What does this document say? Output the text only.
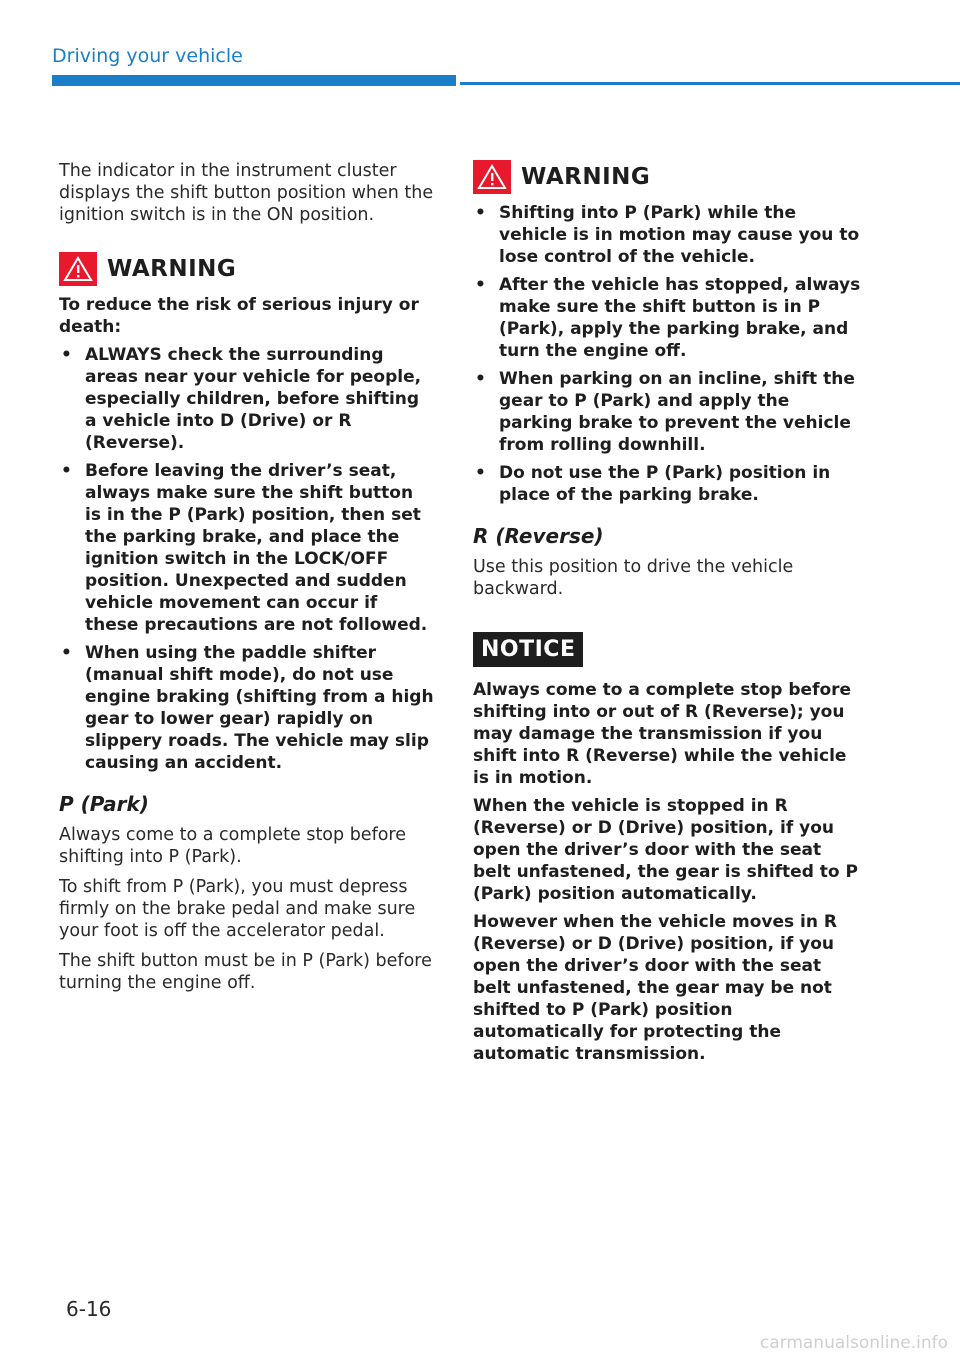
Driving your vehicle

The indicator in the instrument cluster displays the shift button position when the ignition switch is in the ON position.

WARNING

To reduce the risk of serious injury or death:

• ALWAYS check the surrounding areas near your vehicle for people, especially children, before shifting a vehicle into D (Drive) or R (Reverse).
• Before leaving the driver’s seat, always make sure the shift button is in the P (Park) position, then set the parking brake, and place the ignition switch in the LOCK/OFF position. Unexpected and sudden vehicle movement can occur if these precautions are not followed.
• When using the paddle shifter (manual shift mode), do not use engine braking (shifting from a high gear to lower gear) rapidly on slippery roads. The vehicle may slip causing an accident.
P (Park)

Always come to a complete stop before shifting into P (Park).

To shift from P (Park), you must depress firmly on the brake pedal and make sure your foot is off the accelerator pedal.

The shift button must be in P (Park) before turning the engine off.

WARNING
• Shifting into P (Park) while the vehicle is in motion may cause you to lose control of the vehicle.
• After the vehicle has stopped, always make sure the shift button is in P (Park), apply the parking brake, and turn the engine off.
• When parking on an incline, shift the gear to P (Park) and apply the parking brake to prevent the vehicle from rolling downhill.
• Do not use the P (Park) position in place of the parking brake.
R (Reverse)

Use this position to drive the vehicle backward.

NOTICE

Always come to a complete stop before shifting into or out of R (Reverse); you may damage the transmission if you shift into R (Reverse) while the vehicle is in motion.

When the vehicle is stopped in R (Reverse) or D (Drive) position, if you open the driver’s door with the seat belt unfastened, the gear is shifted to P (Park) position automatically.

However when the vehicle moves in R (Reverse) or D (Drive) position, if you open the driver’s door with the seat belt unfastened, the gear may be not shifted to P (Park) position automatically for protecting the automatic transmission.

6-16
carmanualsonline.info
